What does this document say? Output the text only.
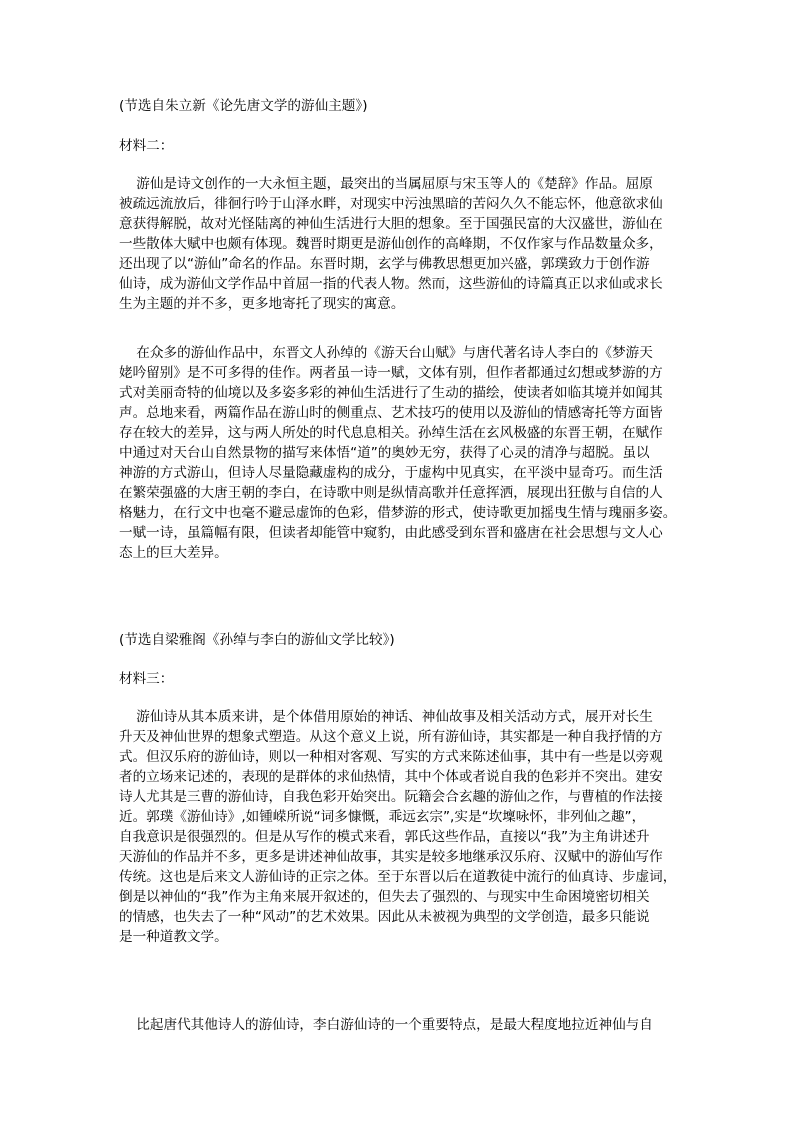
(节选自朱立新《论先唐文学的游仙主题》)
材料二：
游仙是诗文创作的一大永恒主题，最突出的当属屈原与宋玉等人的《楚辞》作品。屈原
被疏远流放后，徘徊行吟于山泽水畔，对现实中污浊黑暗的苦闷久久不能忘怀，他意欲求仙
意获得解脱，故对光怪陆离的神仙生活进行大胆的想象。至于国强民富的大汉盛世，游仙在
一些散体大赋中也颇有体现。魏晋时期更是游仙创作的高峰期，不仅作家与作品数量众多，
还出现了以“游仙”命名的作品。东晋时期，玄学与佛教思想更加兴盛，郭璞致力于创作游
仙诗，成为游仙文学作品中首屈一指的代表人物。然而，这些游仙的诗篇真正以求仙或求长
生为主题的并不多，更多地寄托了现实的寓意。
在众多的游仙作品中，东晋文人孙绰的《游天台山赋》与唐代著名诗人李白的《梦游天
姥吟留别》是不可多得的佳作。两者虽一诗一赋，文体有别，但作者都通过幻想或梦游的方
式对美丽奇特的仙境以及多姿多彩的神仙生活进行了生动的描绘，使读者如临其境并如闻其
声。总地来看，两篇作品在游山时的侧重点、艺术技巧的使用以及游仙的情感寄托等方面皆
存在较大的差异，这与两人所处的时代息息相关。孙绰生活在玄风极盛的东晋王朝，在赋作
中通过对天台山自然景物的描写来体悟“道”的奥妙无穷，获得了心灵的清净与超脱。虽以
神游的方式游山，但诗人尽量隐藏虚构的成分，于虚构中见真实，在平淡中显奇巧。而生活
在繁荣强盛的大唐王朝的李白，在诗歌中则是纵情高歌并任意挥洒，展现出狂傲与自信的人
格魅力，在行文中也毫不避忌虚饰的色彩，借梦游的形式，使诗歌更加摇曳生情与瑰丽多姿。
一赋一诗，虽篇幅有限，但读者却能管中窥豹，由此感受到东晋和盛唐在社会思想与文人心
态上的巨大差异。
(节选自梁雅阁《孙绰与李白的游仙文学比较》)
材料三：
游仙诗从其本质来讲，是个体借用原始的神话、神仙故事及相关活动方式，展开对长生
升天及神仙世界的想象式塑造。从这个意义上说，所有游仙诗，其实都是一种自我抒情的方
式。但汉乐府的游仙诗，则以一种相对客观、写实的方式来陈述仙事，其中有一些是以旁观
者的立场来记述的，表现的是群体的求仙热情，其中个体或者说自我的色彩并不突出。建安
诗人尤其是三曹的游仙诗，自我色彩开始突出。阮籍会合玄趣的游仙之作，与曹植的作法接
近。郭璞《游仙诗》,如锺嵘所说“词多慷慨，乖远玄宗”,实是“坎壈咏怀，非列仙之趣”，
自我意识是很强烈的。但是从写作的模式来看，郭氏这些作品，直接以“我”为主角讲述升
天游仙的作品并不多，更多是讲述神仙故事，其实是较多地继承汉乐府、汉赋中的游仙写作
传统。这也是后来文人游仙诗的正宗之体。至于东晋以后在道教徒中流行的仙真诗、步虚词，
倒是以神仙的“我”作为主角来展开叙述的，但失去了强烈的、与现实中生命困境密切相关
的情感，也失去了一种“风动”的艺术效果。因此从未被视为典型的文学创造，最多只能说
是一种道教文学。
比起唐代其他诗人的游仙诗，李白游仙诗的一个重要特点，是最大程度地拉近神仙与自
